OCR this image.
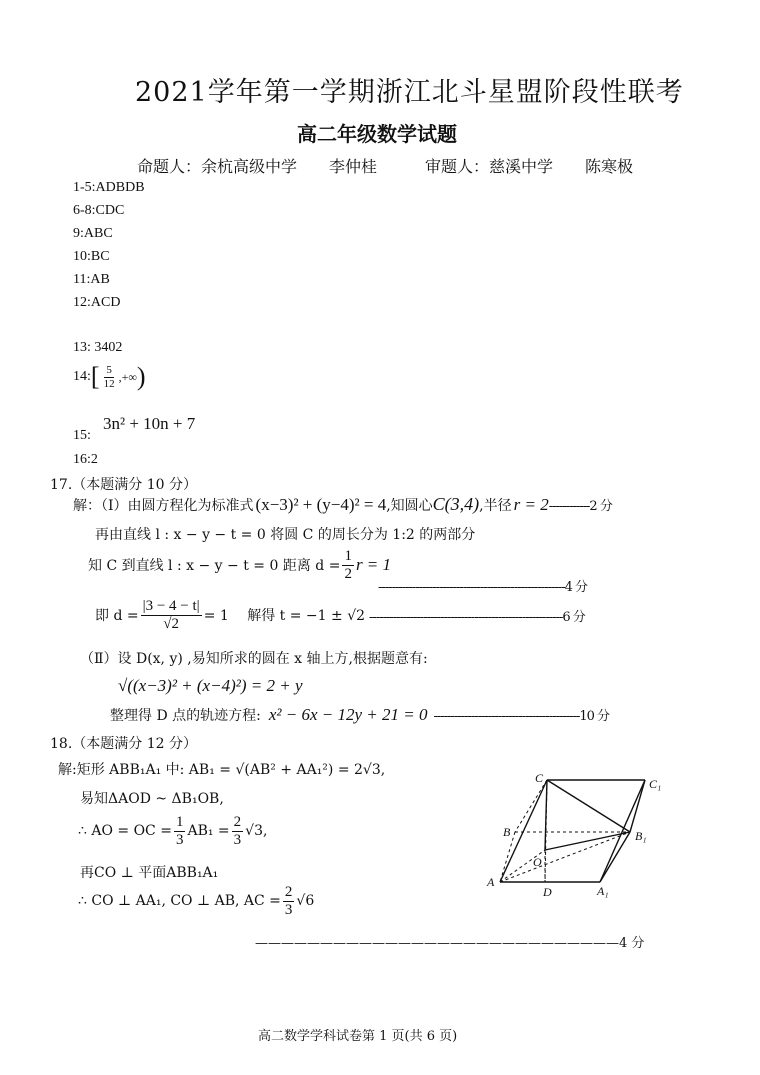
2021学年第一学期浙江北斗星盟阶段性联考
高二年级数学试题
命题人：余杭高级中学　　李仲桂　　　审题人：慈溪中学　　陈寒极
1-5:ADBDB
6-8:CDC
9:ABC
10:BC
11:AB
12:ACD
13: 3402
14: [ $\frac{5}{12}$ ,+∞ )
3n² + 10n + 7
15:
16:2
17.（本题满分 10 分）
解：（Ⅰ）由圆方程化为标准式 (x−3)² + (y−4)² = 4 ,知圆心 C(3,4) ,半径 r = 2 ------------2 分
再由直线 l : x − y − t = 0 将圆 C 的周长分为 1:2 的两部分
知 C 到直线 l : x − y − t = 0 距离 $d = \frac{1}{2}$ r = 1
-------------------------------------------------------4 分
即 $d = \frac{|3 - 4 - t|}{√2} = 1$　 解得 t = −1 ± √2 ---------------------------------------------------------6 分
（Ⅱ）设 D(x, y) ,易知所求的圆在 x 轴上方,根据题意有:
√((x−3)² + (x−4)²) = 2 + y
整理得 D 点的轨迹方程: x² − 6x − 12y + 21 = 0 -------------------------------------------10 分
18.（本题满分 12 分）
解:矩形 ABB₁A₁ 中: AB₁ = √(AB² + AA₁²) = 2√3,
易知ΔAOD ~ ΔB₁OB,
∴ AO = OC = $\frac{1}{3} AB_1 = \frac{2}{3} √3$,
再CO ⊥ 平面ABB₁A₁
∴ CO ⊥ AA₁, CO ⊥ AB, AC = $\frac{2}{3} √6$
————————————————————————————4 分
C	C₁
B	B₁
O
A
D	A₁
高二数学学科试卷第 1 页(共 6 页)
